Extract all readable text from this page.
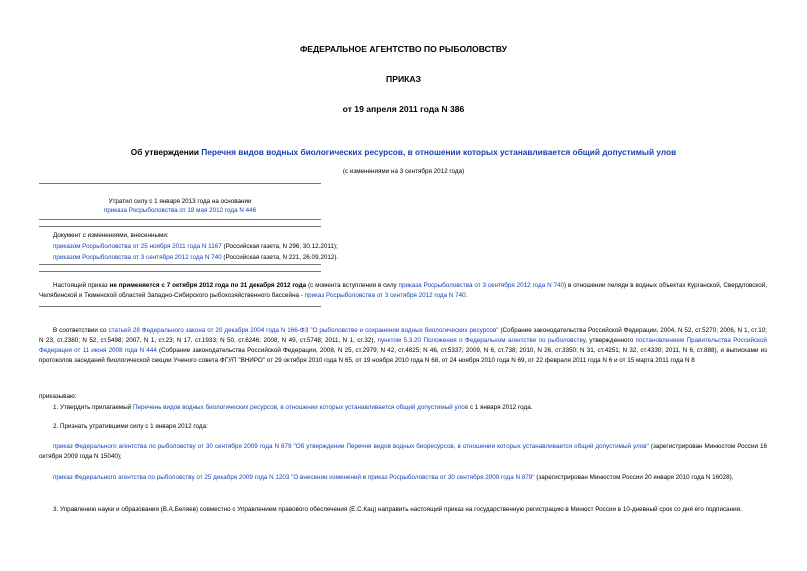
ФЕДЕРАЛЬНОЕ АГЕНТСТВО ПО РЫБОЛОВСТВУ
ПРИКАЗ
от 19 апреля 2011 года N 386
Об утверждении Перечня видов водных биологических ресурсов, в отношении которых устанавливается общий допустимый улов
(с изменениями на 3 сентября 2012 года)
Утратил силу с 1 января 2013 года на основании
приказа Росрыболовства от 18 мая 2012 года N 446
Документ с изменениями, внесенными:
приказом Росрыболовства от 25 ноября 2011 года N 1167 (Российская газета, N 296, 30.12.2011);
приказом Росрыболовства от 3 сентября 2012 года N 740 (Российская газета, N 221, 26.09.2012).
Настоящий приказ не применяется с 7 октября 2012 года по 31 декабря 2012 года (с момента вступления в силу приказа Росрыболовства от 3 сентября 2012 года N 740) в отношении пеляди в водных объектах Курганской, Свердловской, Челябинской и Тюменской областей Западно-Сибирского рыбохозяйственного бассейна - приказ Росрыболовства от 3 сентября 2012 года N 740.
В соответствии со статьей 28 Федерального закона от 20 декабря 2004 года N 166-ФЗ "О рыболовстве и сохранении водных биологических ресурсов" (Собрание законодательства Российской Федерации, 2004, N 52, ст.5270; 2006, N 1, ст.10; N 23, ст.2380; N 52, ст.5498; 2007, N 1, ст.23; N 17, ст.1933; N 50, ст.6246; 2008, N 49, ст.5748; 2011, N 1, ст.32), пунктом 5.3.20 Положения о Федеральном агентстве по рыболовству, утвержденного постановлением Правительства Российской Федерации от 11 июня 2008 года N 444 (Собрание законодательства Российской Федерации, 2008, N 25, ст.2979; N 42, ст.4825; N 46, ст.5337; 2009, N 6, ст.738; 2010, N 26, ст.3350; N 31, ст.4251; N 32, ст.4330; 2011, N 6, ст.888), и выписками из протоколов заседаний биологической секции Ученого совета ФГУП "ВНИРО" от 29 октября 2010 года N 65, от 19 ноября 2010 года N 68, от 24 ноября 2010 года N 69, от 22 февраля 2011 года N 6 и от 15 марта 2011 года N 8
приказываю:
1. Утвердить прилагаемый Перечень видов водных биологических ресурсов, в отношении которых устанавливается общий допустимый улов с 1 января 2012 года.
2. Признать утратившими силу с 1 января 2012 года:
приказ Федерального агентства по рыболовству от 30 сентября 2009 года N 879 "Об утверждении Перечня видов водных биоресурсов, в отношении которых устанавливается общий допустимый улов" (зарегистрирован Минюстом России 16 октября 2009 года N 15040);
приказ Федерального агентства по рыболовству от 25 декабря 2009 года N 1203 "О внесении изменений в приказ Росрыболовства от 30 сентября 2009 года N 879" (зарегистрирован Минюстом России 20 января 2010 года N 16028).
3. Управлению науки и образования (В.А.Беляев) совместно с Управлением правового обеспечения (Е.С.Кац) направить настоящий приказ на государственную регистрацию в Минюст России в 10-дневный срок со дня его подписания.
